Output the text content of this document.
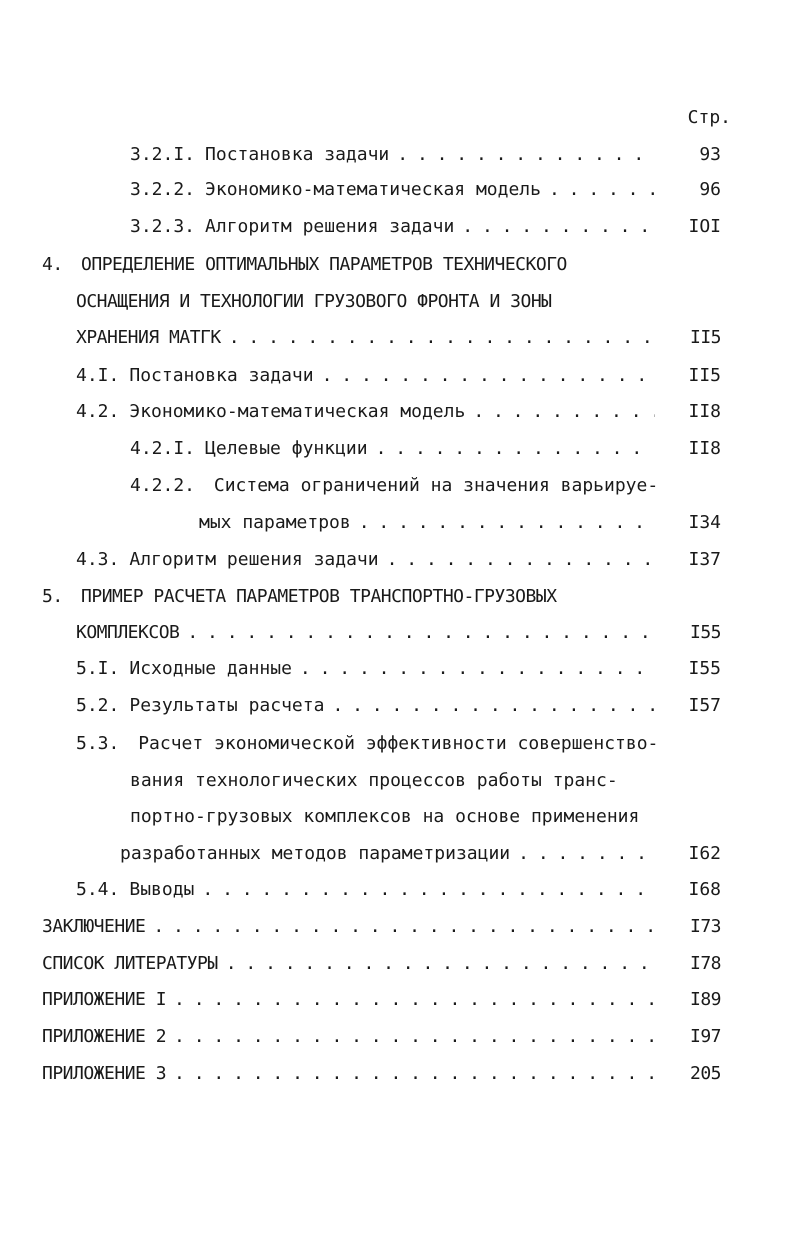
Стр.
3.2.I. Постановка задачи . . .	93
3.2.2. Экономико-математическая модель . . .	96
3.2.3. Алгоритм решения задачи . . .	IOI
4. ОПРЕДЕЛЕНИЕ ОПТИМАЛЬНЫХ ПАРАМЕТРОВ ТЕХНИЧЕСКОГО
ОСНАЩЕНИЯ И ТЕХНОЛОГИИ ГРУЗОВОГО ФРОНТА И ЗОНЫ
ХРАНЕНИЯ МАТГК . . .	II5
4.I. Постановка задачи . . .	II5
4.2. Экономико-математическая модель . . .	II8
4.2.I. Целевые функции . . .	II8
4.2.2. Система ограничений на значения варьируе-
мых параметров . . .	I34
4.3. Алгоритм решения задачи . . .	I37
5. ПРИМЕР РАСЧЕТА ПАРАМЕТРОВ ТРАНСПОРТНО-ГРУЗОВЫХ
КОМПЛЕКСОВ . . .	I55
5.I. Исходные данные . . .	I55
5.2. Результаты расчета . . .	I57
5.3. Расчет экономической эффективности совершенство-
вания технологических процессов работы транс-
портно-грузовых комплексов на основе применения
разработанных методов параметризации . . .	I62
5.4. Выводы . . .	I68
ЗАКЛЮЧЕНИЕ . . .	I73
СПИСОК ЛИТЕРАТУРЫ . . .	I78
ПРИЛОЖЕНИЕ I . . .	I89
ПРИЛОЖЕНИЕ 2 . . .	I97
ПРИЛОЖЕНИЕ 3 . . .	205
